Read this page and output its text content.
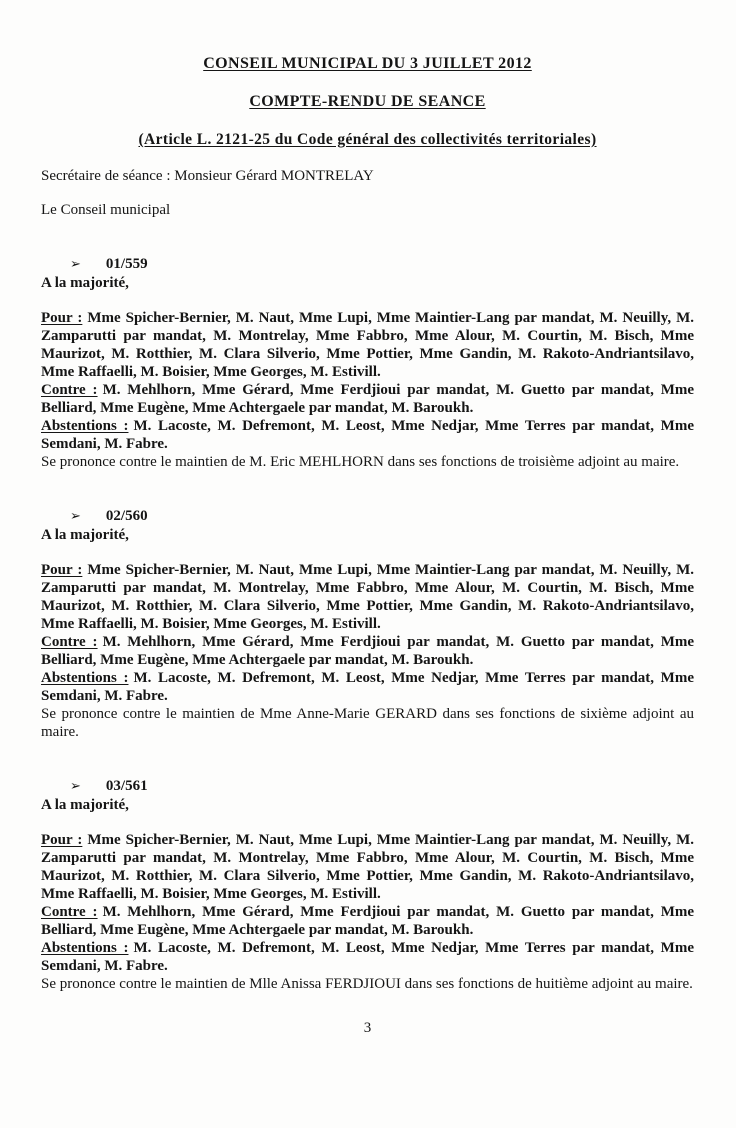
CONSEIL MUNICIPAL DU 3 JUILLET 2012
COMPTE-RENDU DE SEANCE
(Article L. 2121-25 du Code général des collectivités territoriales)
Secrétaire de séance : Monsieur Gérard MONTRELAY
Le Conseil municipal
➢ 01/559
A la majorité,

Pour : Mme Spicher-Bernier, M. Naut, Mme Lupi, Mme Maintier-Lang par mandat, M. Neuilly, M. Zamparutti par mandat, M. Montrelay, Mme Fabbro, Mme Alour, M. Courtin, M. Bisch, Mme Maurizot, M. Rotthier, M. Clara Silverio, Mme Pottier, Mme Gandin, M. Rakoto-Andriantsilavo, Mme Raffaelli, M. Boisier, Mme Georges, M. Estivill.

Contre : M. Mehlhorn, Mme Gérard, Mme Ferdjioui par mandat, M. Guetto par mandat, Mme Belliard, Mme Eugène, Mme Achtergaele par mandat, M. Baroukh.

Abstentions : M. Lacoste, M. Defremont, M. Leost, Mme Nedjar, Mme Terres par mandat, Mme Semdani, M. Fabre.

Se prononce contre le maintien de M. Eric MEHLHORN dans ses fonctions de troisième adjoint au maire.

➢ 02/560
A la majorité,

Pour : Mme Spicher-Bernier, M. Naut, Mme Lupi, Mme Maintier-Lang par mandat, M. Neuilly, M. Zamparutti par mandat, M. Montrelay, Mme Fabbro, Mme Alour, M. Courtin, M. Bisch, Mme Maurizot, M. Rotthier, M. Clara Silverio, Mme Pottier, Mme Gandin, M. Rakoto-Andriantsilavo, Mme Raffaelli, M. Boisier, Mme Georges, M. Estivill.

Contre : M. Mehlhorn, Mme Gérard, Mme Ferdjioui par mandat, M. Guetto par mandat, Mme Belliard, Mme Eugène, Mme Achtergaele par mandat, M. Baroukh.

Abstentions : M. Lacoste, M. Defremont, M. Leost, Mme Nedjar, Mme Terres par mandat, Mme Semdani, M. Fabre.

Se prononce contre le maintien de Mme Anne-Marie GERARD dans ses fonctions de sixième adjoint au maire.

➢ 03/561
A la majorité,

Pour : Mme Spicher-Bernier, M. Naut, Mme Lupi, Mme Maintier-Lang par mandat, M. Neuilly, M. Zamparutti par mandat, M. Montrelay, Mme Fabbro, Mme Alour, M. Courtin, M. Bisch, Mme Maurizot, M. Rotthier, M. Clara Silverio, Mme Pottier, Mme Gandin, M. Rakoto-Andriantsilavo, Mme Raffaelli, M. Boisier, Mme Georges, M. Estivill.

Contre : M. Mehlhorn, Mme Gérard, Mme Ferdjioui par mandat, M. Guetto par mandat, Mme Belliard, Mme Eugène, Mme Achtergaele par mandat, M. Baroukh.

Abstentions : M. Lacoste, M. Defremont, M. Leost, Mme Nedjar, Mme Terres par mandat, Mme Semdani, M. Fabre.

Se prononce contre le maintien de Mlle Anissa FERDJIOUI dans ses fonctions de huitième adjoint au maire.

3
